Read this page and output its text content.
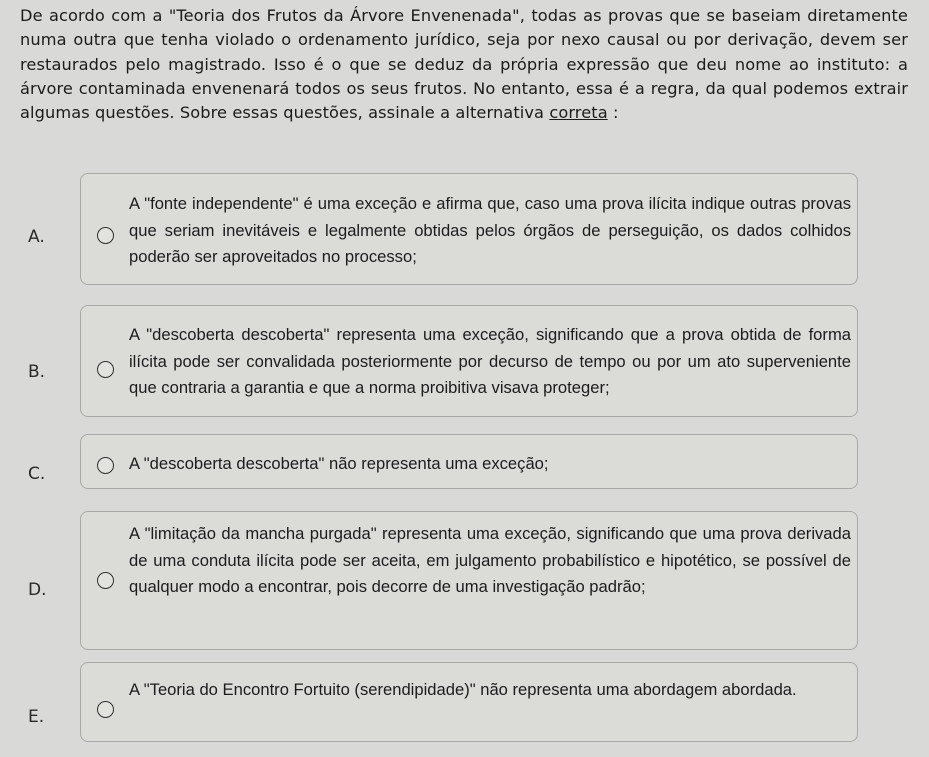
De acordo com a "Teoria dos Frutos da Árvore Envenenada", todas as provas que se baseiam diretamente numa outra que tenha violado o ordenamento jurídico, seja por nexo causal ou por derivação, devem ser restaurados pelo magistrado. Isso é o que se deduz da própria expressão que deu nome ao instituto: a árvore contaminada envenenará todos os seus frutos. No entanto, essa é a regra, da qual podemos extrair algumas questões. Sobre essas questões, assinale a alternativa correta :
A.
A "fonte independente" é uma exceção e afirma que, caso uma prova ilícita indique outras provas que seriam inevitáveis e legalmente obtidas pelos órgãos de perseguição, os dados colhidos poderão ser aproveitados no processo;
B.
A "descoberta descoberta" representa uma exceção, significando que a prova obtida de forma ilícita pode ser convalidada posteriormente por decurso de tempo ou por um ato superveniente que contraria a garantia e que a norma proibitiva visava proteger;
C.
A "descoberta descoberta" não representa uma exceção;
D.
A "limitação da mancha purgada" representa uma exceção, significando que uma prova derivada de uma conduta ilícita pode ser aceita, em julgamento probabilístico e hipotético, se possível de qualquer modo a encontrar, pois decorre de uma investigação padrão;
E.
A "Teoria do Encontro Fortuito (serendipidade)" não representa uma abordagem abordada.
